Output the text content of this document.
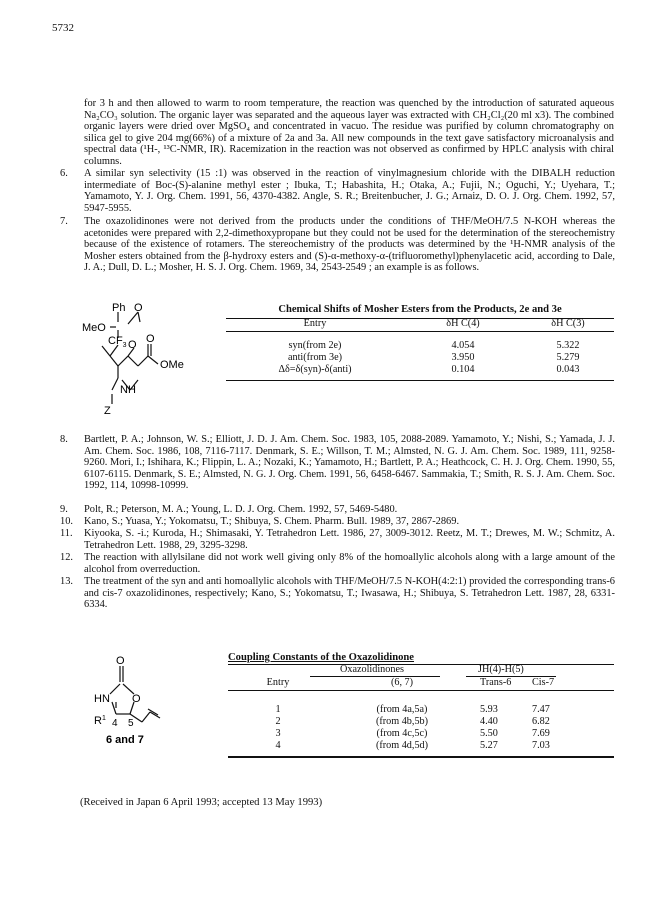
5732
for 3 h and then allowed to warm to room temperature, the reaction was quenched by the introduction of saturated aqueous Na₂CO₃ solution. The organic layer was separated and the aqueous layer was extracted with CH₂Cl₂(20 ml x3). The combined organic layers were dried over MgSO₄ and concentrated in vacuo. The residue was purified by column chromatography on silica gel to give 204 mg(66%) of a mixture of 2a and 3a. All new compounds in the text gave satisfactory microanalysis and spectral data (¹H-, ¹³C-NMR, IR). Racemization in the reaction was not observed as confirmed by HPLC analysis with chiral columns.
6.	A similar syn selectivity (15 :1) was observed in the reaction of vinylmagnesium chloride with the DIBALH reduction intermediate of Boc-(S)-alanine methyl ester ; Ibuka, T.; Habashita, H.; Otaka, A.; Fujii, N.; Oguchi, Y.; Uyehara, T.; Yamamoto, Y. J. Org. Chem. 1991, 56, 4370-4382. Angle, S. R.; Breitenbucher, J. G.; Arnaiz, D. O. J. Org. Chem. 1992, 57, 5947-5955.
7.	The oxazolidinones were not derived from the products under the conditions of THF/MeOH/7.5 N-KOH whereas the acetonides were prepared with 2,2-dimethoxypropane but they could not be used for the determination of the stereochemistry because of the existence of rotamers. The stereochemistry of the products was determined by the ¹H-NMR analysis of the Mosher esters obtained from the β-hydroxy esters and (S)-α-methoxy-α-(trifluoromethyl)phenylacetic acid, according to Dale, J. A.; Dull, D. L.; Mosher, H. S. J. Org. Chem. 1969, 34, 2543-2549 ; an example is as follows.
Ph O
MeO
$CF_3$ O O
OMe
NH
Z
Chemical Shifts of Mosher Esters from the Products, 2e and 3e
Entry	δH C(4)	δH C(3)
syn(from 2e)	4.054	5.322
anti(from 3e)	3.950	5.279
Δδ=δ(syn)-δ(anti)	0.104	0.043
8.	Bartlett, P. A.; Johnson, W. S.; Elliott, J. D. J. Am. Chem. Soc. 1983, 105, 2088-2089. Yamamoto, Y.; Nishi, S.; Yamada, J. J. Am. Chem. Soc. 1986, 108, 7116-7117. Denmark, S. E.; Willson, T. M.; Almsted, N. G. J. Am. Chem. Soc. 1989, 111, 9258-9260. Mori, I.; Ishihara, K.; Flippin, L. A.; Nozaki, K.; Yamamoto, H.; Bartlett, P. A.; Heathcock, C. H. J. Org. Chem. 1990, 55, 6107-6115. Denmark, S. E.; Almsted, N. G. J. Org. Chem. 1991, 56, 6458-6467. Sammakia, T.; Smith, R. S. J. Am. Chem. Soc. 1992, 114, 10998-10999.
9.	Polt, R.; Peterson, M. A.; Young, L. D. J. Org. Chem. 1992, 57, 5469-5480.
10.	Kano, S.; Yuasa, Y.; Yokomatsu, T.; Shibuya, S. Chem. Pharm. Bull. 1989, 37, 2867-2869.
11.	Kiyooka, S. -i.; Kuroda, H.; Shimasaki, Y. Tetrahedron Lett. 1986, 27, 3009-3012. Reetz, M. T.; Drewes, M. W.; Schmitz, A. Tetrahedron Lett. 1988, 29, 3295-3298.
12.	The reaction with allylsilane did not work well giving only 8% of the homoallylic alcohols along with a large amount of the alcohol from overreduction.
13.	The treatment of the syn and anti homoallylic alcohols with THF/MeOH/7.5 N-KOH(4:2:1) provided the corresponding trans-6 and cis-7 oxazolidinones, respectively; Kano, S.; Yokomatsu, T.; Iwasawa, H.; Shibuya, S. Tetrahedron Lett. 1987, 28, 6331-6334.
O
HN O
$R^1$ 4 5
6 and 7
Coupling Constants of the Oxazolidinone
Oxazolidinones	JH(4)-H(5)
Entry	(6, 7)	Trans-6	Cis-7
1	(from 4a,5a)	5.93	7.47
2	(from 4b,5b)	4.40	6.82
3	(from 4c,5c)	5.50	7.69
4	(from 4d,5d)	5.27	7.03
(Received in Japan 6 April 1993; accepted 13 May 1993)
